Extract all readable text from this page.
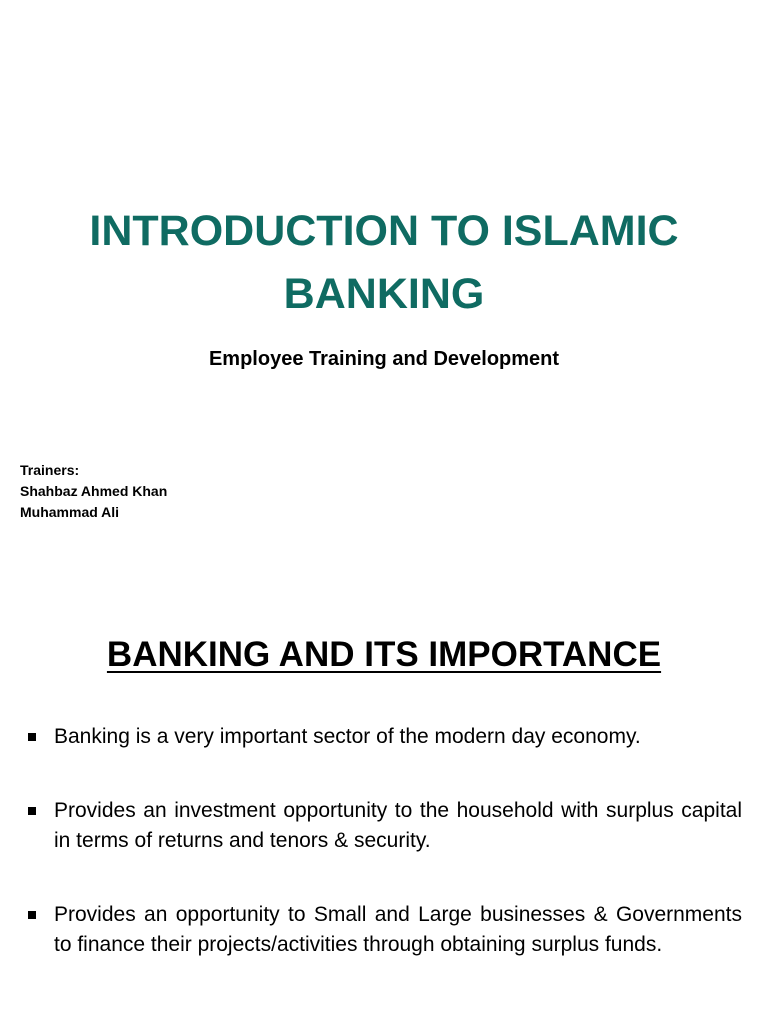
INTRODUCTION TO ISLAMIC
BANKING
Employee Training and Development
Trainers:
Shahbaz Ahmed Khan
Muhammad Ali
BANKING AND ITS IMPORTANCE
Banking is a very important sector of the modern day economy.
Provides an investment opportunity to the household with surplus capital in terms of returns and tenors & security.
Provides an opportunity to Small and Large businesses & Governments to finance their projects/activities through obtaining surplus funds.
